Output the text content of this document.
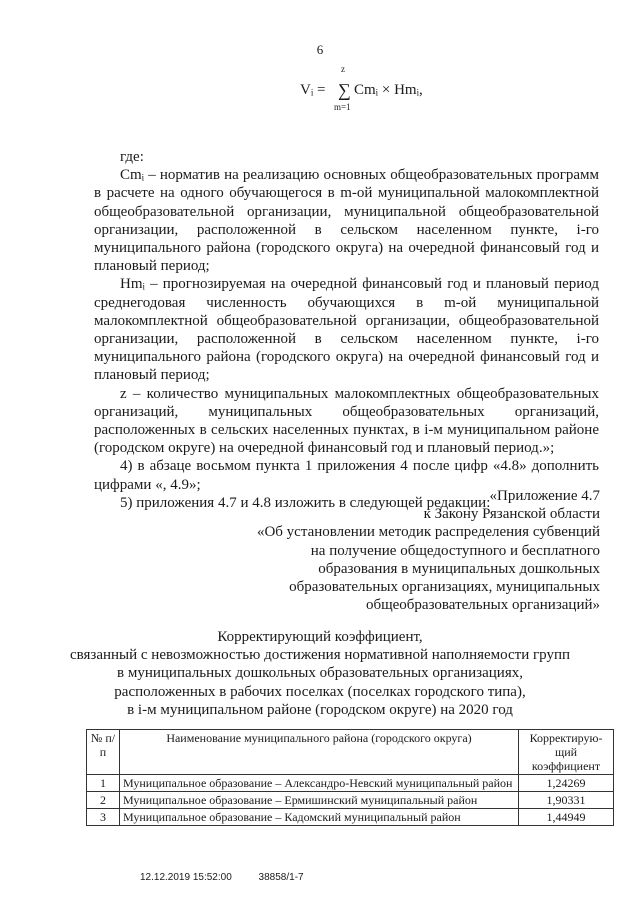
6
Vᵢ =
z
∑
m=1
Cmᵢ × Hmᵢ,

где:

Cmᵢ – норматив на реализацию основных общеобразовательных программ в расчете на одного обучающегося в m-ой муниципальной малокомплектной общеобразовательной организации, муниципальной общеобразовательной организации, расположенной в сельском населенном пункте, i-го муниципального района (городского округа) на очередной финансовый год и плановый период;

Hmᵢ – прогнозируемая на очередной финансовый год и плановый период среднегодовая численность обучающихся в m-ой муниципальной малокомплектной общеобразовательной организации, общеобразовательной организации, расположенной в сельском населенном пункте, i-го муниципального района (городского округа) на очередной финансовый год и плановый период;

z – количество муниципальных малокомплектных общеобразовательных организаций, муниципальных общеобразовательных организаций, расположенных в сельских населенных пунктах, в i-м муниципальном районе (городском округе) на очередной финансовый год и плановый период.»;

4) в абзаце восьмом пункта 1 приложения 4 после цифр «4.8» дополнить цифрами «, 4.9»;

5) приложения 4.7 и 4.8 изложить в следующей редакции: «Приложение 4.7
к Закону Рязанской области
«Об установлении методик распределения субвенций
на получение общедоступного и бесплатного
образования в муниципальных дошкольных
образовательных организациях, муниципальных
общеобразовательных организаций»
Корректирующий коэффициент,
связанный с невозможностью достижения нормативной наполняемости групп
в муниципальных дошкольных образовательных организациях,
расположенных в рабочих поселках (поселках городского типа),
в i-м муниципальном районе (городском округе) на 2020 год
№ п/п	Наименование муниципального района (городского округа)	Корректирую-щий коэффициент
1	Муниципальное образование – Александро-Невский муниципальный район	1,24269
2	Муниципальное образование – Ермишинский муниципальный район	1,90331
3	Муниципальное образование – Кадомский муниципальный район	1,44949
12.12.2019 15:52:00	38858/1-7
